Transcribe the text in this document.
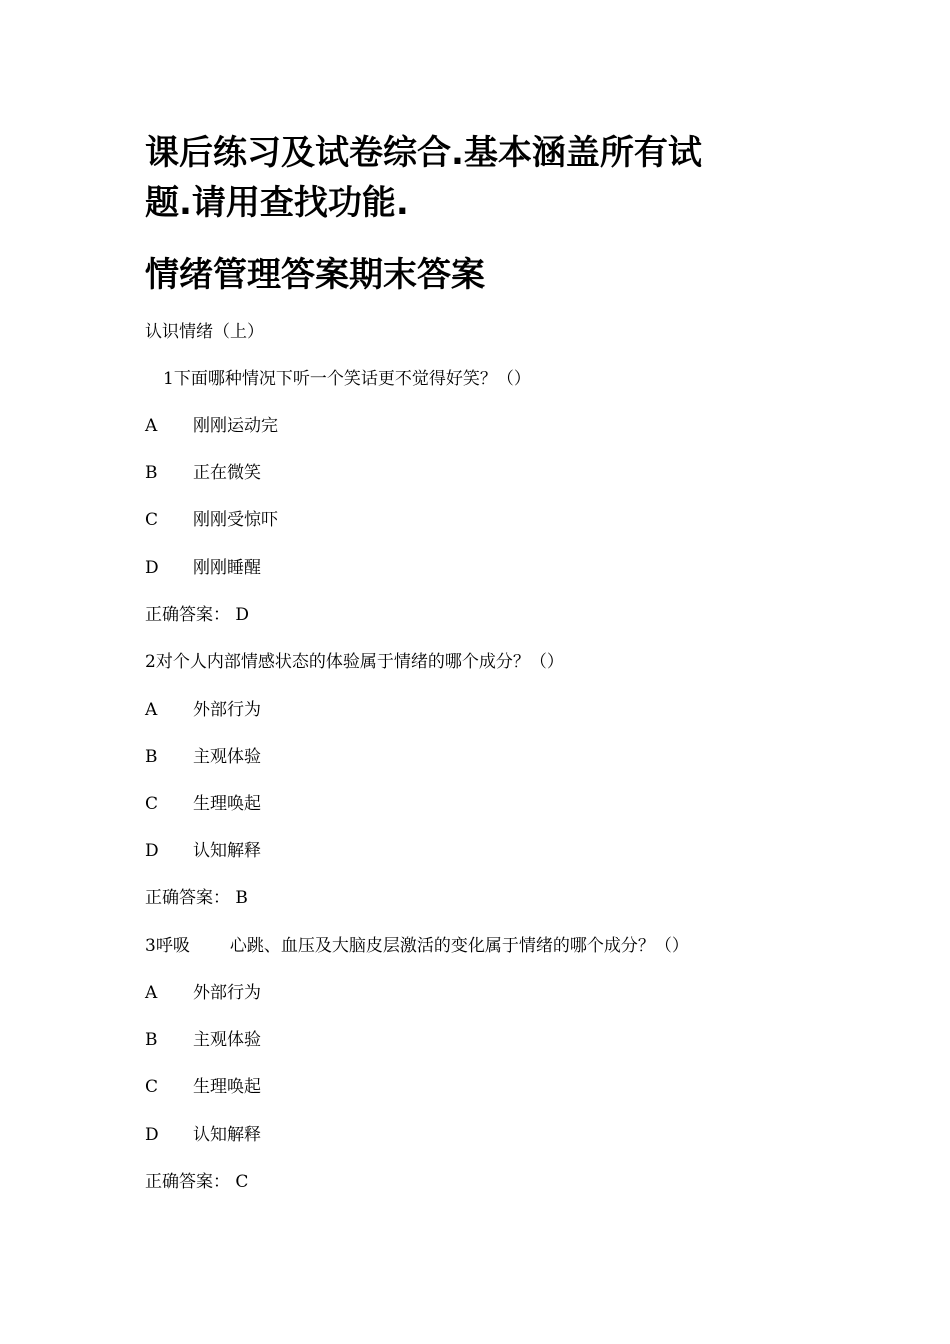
课后练习及试卷综合.基本涵盖所有试
题.请用查找功能.
情绪管理答案期末答案
认识情绪（上）
1下面哪种情况下听一个笑话更不觉得好笑？（）
A 刚刚运动完
B 正在微笑
C 刚刚受惊吓
D 刚刚睡醒
正确答案： D
2对个人内部情感状态的体验属于情绪的哪个成分？（）
A 外部行为
B 主观体验
C 生理唤起
D 认知解释
正确答案： B
3呼吸 心跳、血压及大脑皮层激活的变化属于情绪的哪个成分？（）
A 外部行为
B 主观体验
C 生理唤起
D 认知解释
正确答案： C
